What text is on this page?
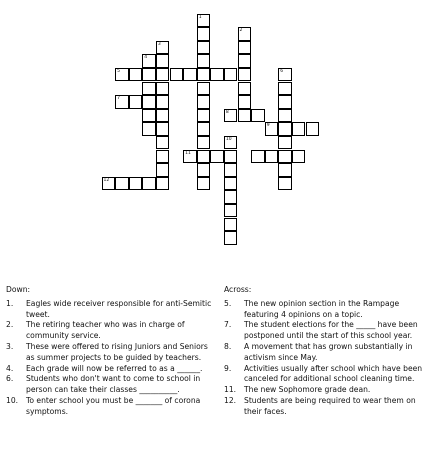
1
2
3
4
5	6
7
8
9
10
11
12
Down:
1.	Eagles wide receiver responsible for anti-Semitic tweet.
2.	The retiring teacher who was in charge of community service.
3.	These were offered to rising Juniors and Seniors as summer projects to be guided by teachers.
4.	Each grade will now be referred to as a ______.
6.	Students who don't want to come to school in person can take their classes __________.
10.	To enter school you must be _______ of corona symptoms.
Across:
5.	The new opinion section in the Rampage featuring 4 opinions on a topic.
7.	The student elections for the _____ have been postponed until the start of this school year.
8.	A movement that has grown substantially in activism since May.
9.	Activities usually after school which have been canceled for additional school cleaning time.
11.	The new Sophomore grade dean.
12.	Students are being required to wear them on their faces.
